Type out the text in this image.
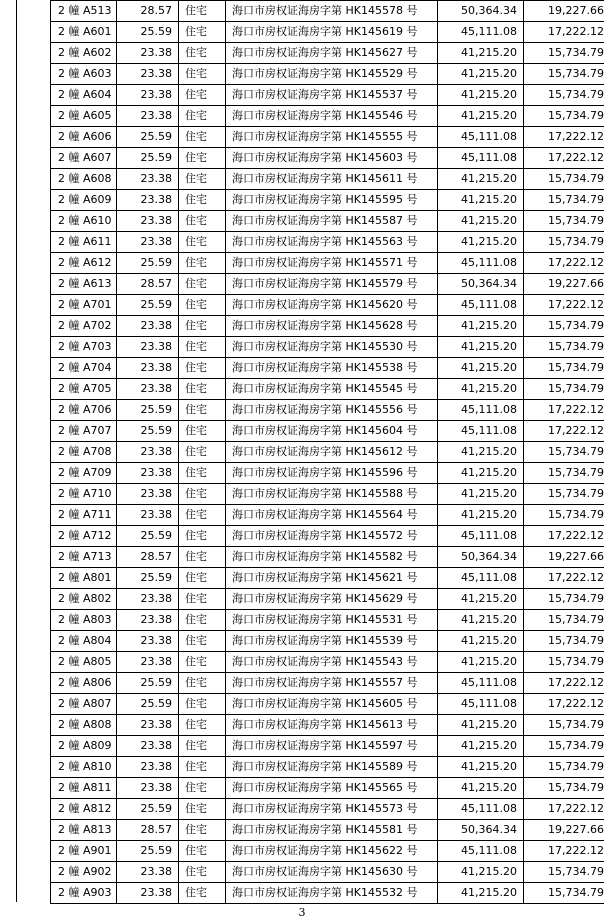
2 幢 A513	28.57	住宅	海口市房权证海房字第 HK145578 号	50,364.34	19,227.66
2 幢 A601	25.59	住宅	海口市房权证海房字第 HK145619 号	45,111.08	17,222.12
2 幢 A602	23.38	住宅	海口市房权证海房字第 HK145627 号	41,215.20	15,734.79
2 幢 A603	23.38	住宅	海口市房权证海房字第 HK145529 号	41,215.20	15,734.79
2 幢 A604	23.38	住宅	海口市房权证海房字第 HK145537 号	41,215.20	15,734.79
2 幢 A605	23.38	住宅	海口市房权证海房字第 HK145546 号	41,215.20	15,734.79
2 幢 A606	25.59	住宅	海口市房权证海房字第 HK145555 号	45,111.08	17,222.12
2 幢 A607	25.59	住宅	海口市房权证海房字第 HK145603 号	45,111.08	17,222.12
2 幢 A608	23.38	住宅	海口市房权证海房字第 HK145611 号	41,215.20	15,734.79
2 幢 A609	23.38	住宅	海口市房权证海房字第 HK145595 号	41,215.20	15,734.79
2 幢 A610	23.38	住宅	海口市房权证海房字第 HK145587 号	41,215.20	15,734.79
2 幢 A611	23.38	住宅	海口市房权证海房字第 HK145563 号	41,215.20	15,734.79
2 幢 A612	25.59	住宅	海口市房权证海房字第 HK145571 号	45,111.08	17,222.12
2 幢 A613	28.57	住宅	海口市房权证海房字第 HK145579 号	50,364.34	19,227.66
2 幢 A701	25.59	住宅	海口市房权证海房字第 HK145620 号	45,111.08	17,222.12
2 幢 A702	23.38	住宅	海口市房权证海房字第 HK145628 号	41,215.20	15,734.79
2 幢 A703	23.38	住宅	海口市房权证海房字第 HK145530 号	41,215.20	15,734.79
2 幢 A704	23.38	住宅	海口市房权证海房字第 HK145538 号	41,215.20	15,734.79
2 幢 A705	23.38	住宅	海口市房权证海房字第 HK145545 号	41,215.20	15,734.79
2 幢 A706	25.59	住宅	海口市房权证海房字第 HK145556 号	45,111.08	17,222.12
2 幢 A707	25.59	住宅	海口市房权证海房字第 HK145604 号	45,111.08	17,222.12
2 幢 A708	23.38	住宅	海口市房权证海房字第 HK145612 号	41,215.20	15,734.79
2 幢 A709	23.38	住宅	海口市房权证海房字第 HK145596 号	41,215.20	15,734.79
2 幢 A710	23.38	住宅	海口市房权证海房字第 HK145588 号	41,215.20	15,734.79
2 幢 A711	23.38	住宅	海口市房权证海房字第 HK145564 号	41,215.20	15,734.79
2 幢 A712	25.59	住宅	海口市房权证海房字第 HK145572 号	45,111.08	17,222.12
2 幢 A713	28.57	住宅	海口市房权证海房字第 HK145582 号	50,364.34	19,227.66
2 幢 A801	25.59	住宅	海口市房权证海房字第 HK145621 号	45,111.08	17,222.12
2 幢 A802	23.38	住宅	海口市房权证海房字第 HK145629 号	41,215.20	15,734.79
2 幢 A803	23.38	住宅	海口市房权证海房字第 HK145531 号	41,215.20	15,734.79
2 幢 A804	23.38	住宅	海口市房权证海房字第 HK145539 号	41,215.20	15,734.79
2 幢 A805	23.38	住宅	海口市房权证海房字第 HK145543 号	41,215.20	15,734.79
2 幢 A806	25.59	住宅	海口市房权证海房字第 HK145557 号	45,111.08	17,222.12
2 幢 A807	25.59	住宅	海口市房权证海房字第 HK145605 号	45,111.08	17,222.12
2 幢 A808	23.38	住宅	海口市房权证海房字第 HK145613 号	41,215.20	15,734.79
2 幢 A809	23.38	住宅	海口市房权证海房字第 HK145597 号	41,215.20	15,734.79
2 幢 A810	23.38	住宅	海口市房权证海房字第 HK145589 号	41,215.20	15,734.79
2 幢 A811	23.38	住宅	海口市房权证海房字第 HK145565 号	41,215.20	15,734.79
2 幢 A812	25.59	住宅	海口市房权证海房字第 HK145573 号	45,111.08	17,222.12
2 幢 A813	28.57	住宅	海口市房权证海房字第 HK145581 号	50,364.34	19,227.66
2 幢 A901	25.59	住宅	海口市房权证海房字第 HK145622 号	45,111.08	17,222.12
2 幢 A902	23.38	住宅	海口市房权证海房字第 HK145630 号	41,215.20	15,734.79
2 幢 A903	23.38	住宅	海口市房权证海房字第 HK145532 号	41,215.20	15,734.79
3
